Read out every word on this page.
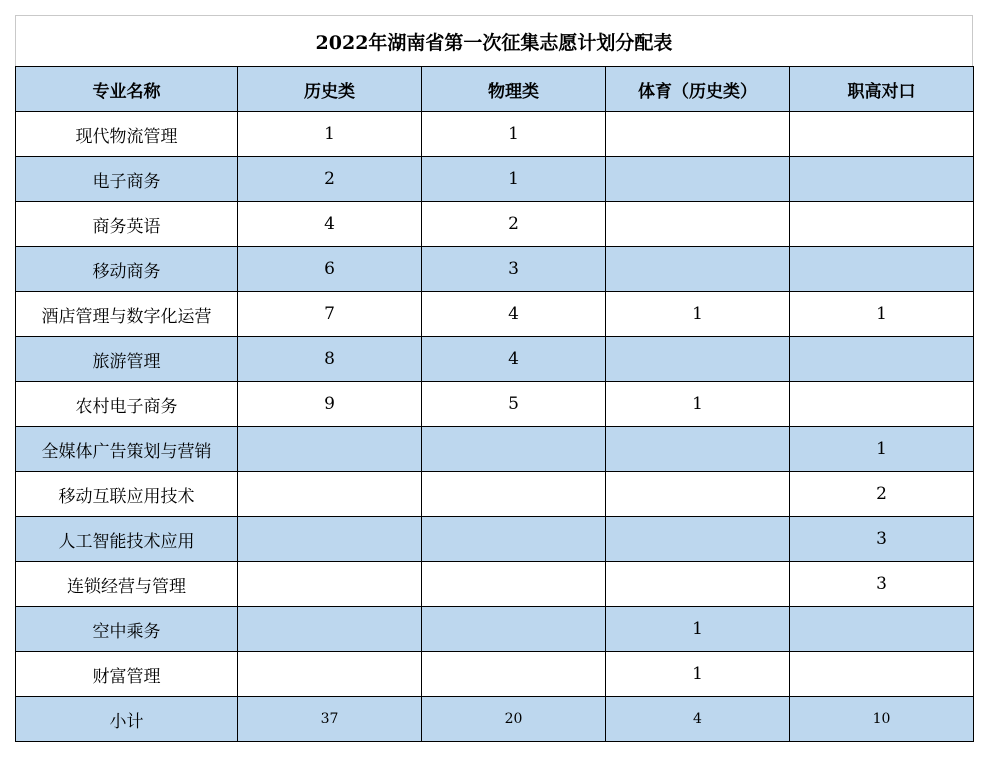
2022年湖南省第一次征集志愿计划分配表
专业名称	历史类	物理类	体育（历史类）	职高对口
现代物流管理	1	1		
电子商务	2	1		
商务英语	4	2		
移动商务	6	3		
酒店管理与数字化运营	7	4	1	1
旅游管理	8	4		
农村电子商务	9	5	1	
全媒体广告策划与营销				1
移动互联应用技术				2
人工智能技术应用				3
连锁经营与管理				3
空中乘务			1	
财富管理			1	
小计	37	20	4	10
